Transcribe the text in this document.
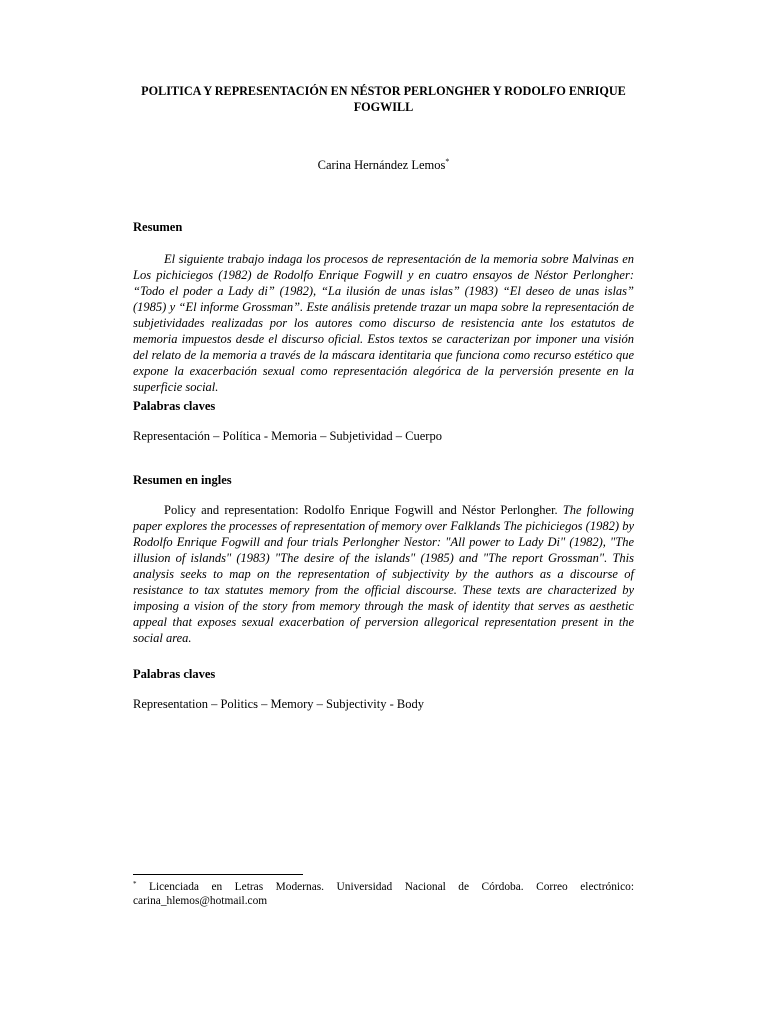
POLITICA Y REPRESENTACIÓN EN NÉSTOR PERLONGHER Y RODOLFO ENRIQUE FOGWILL

Carina Hernández Lemos*

Resumen

El siguiente trabajo indaga los procesos de representación de la memoria sobre Malvinas en Los pichiciegos (1982) de Rodolfo Enrique Fogwill y en cuatro ensayos de Néstor Perlongher: “Todo el poder a Lady di” (1982), “La ilusión de unas islas” (1983) “El deseo de unas islas” (1985) y “El informe Grossman”. Este análisis pretende trazar un mapa sobre la representación de subjetividades realizadas por los autores como discurso de resistencia ante los estatutos de memoria impuestos desde el discurso oficial. Estos textos se caracterizan por imponer una visión del relato de la memoria a través de la máscara identitaria que funciona como recurso estético que expone la exacerbación sexual como representación alegórica de la perversión presente en la superficie social.

Palabras claves

Representación – Política - Memoria – Subjetividad – Cuerpo

Resumen en ingles

Policy and representation: Rodolfo Enrique Fogwill and Néstor Perlongher. The following paper explores the processes of representation of memory over Falklands The pichiciegos (1982) by Rodolfo Enrique Fogwill and four trials Perlongher Nestor: "All power to Lady Di" (1982), "The illusion of islands" (1983) "The desire of the islands" (1985) and "The report Grossman". This analysis seeks to map on the representation of subjectivity by the authors as a discourse of resistance to tax statutes memory from the official discourse. These texts are characterized by imposing a vision of the story from memory through the mask of identity that serves as aesthetic appeal that exposes sexual exacerbation of perversion allegorical representation present in the social area.

Palabras claves

Representation – Politics – Memory – Subjectivity - Body

* Licenciada en Letras Modernas. Universidad Nacional de Córdoba. Correo electrónico: carina_hlemos@hotmail.com
